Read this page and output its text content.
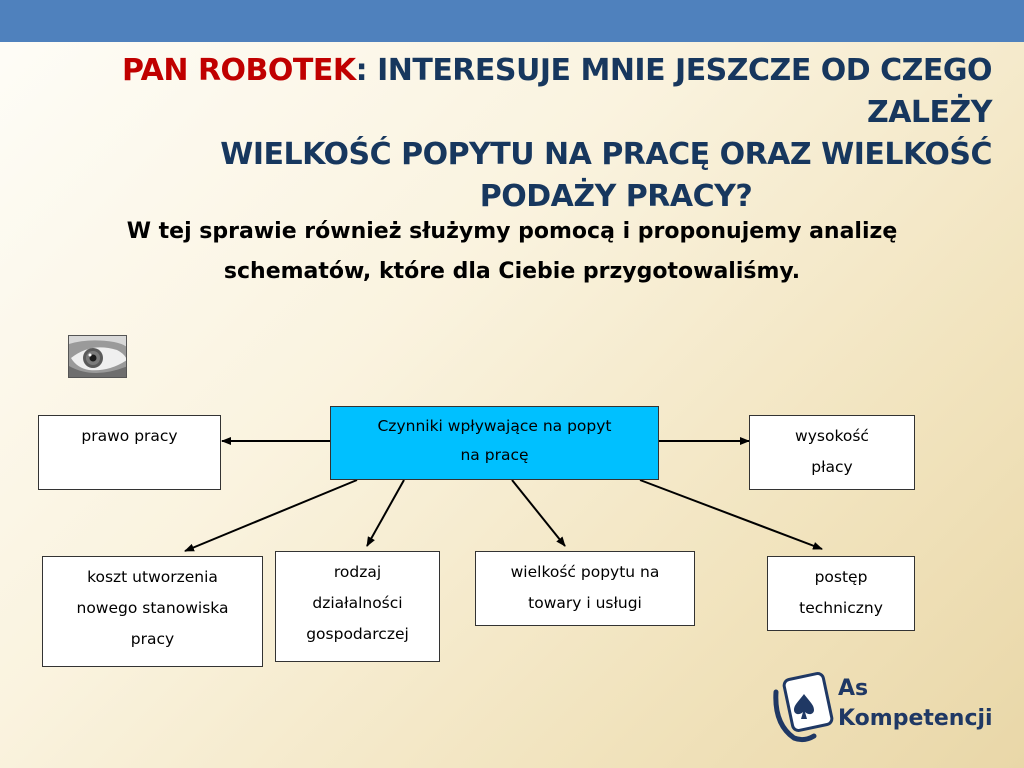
PAN ROBOTEK: INTERESUJE MNIE JESZCZE OD CZEGO ZALEŻY
WIELKOŚĆ POPYTU NA PRACĘ ORAZ WIELKOŚĆ

PODAŻY PRACY?
W tej sprawie również służymy pomocą i proponujemy analizę
schematów, które dla Ciebie przygotowaliśmy.
Czynniki wpływające na popyt
na pracę
prawo pracy	wysokość
płacy
koszt utworzenia
nowego stanowiska
pracy
rodzaj
działalności
gospodarczej
wielkość popytu na
towary i usługi
postęp
techniczny
As
Kompetencji
